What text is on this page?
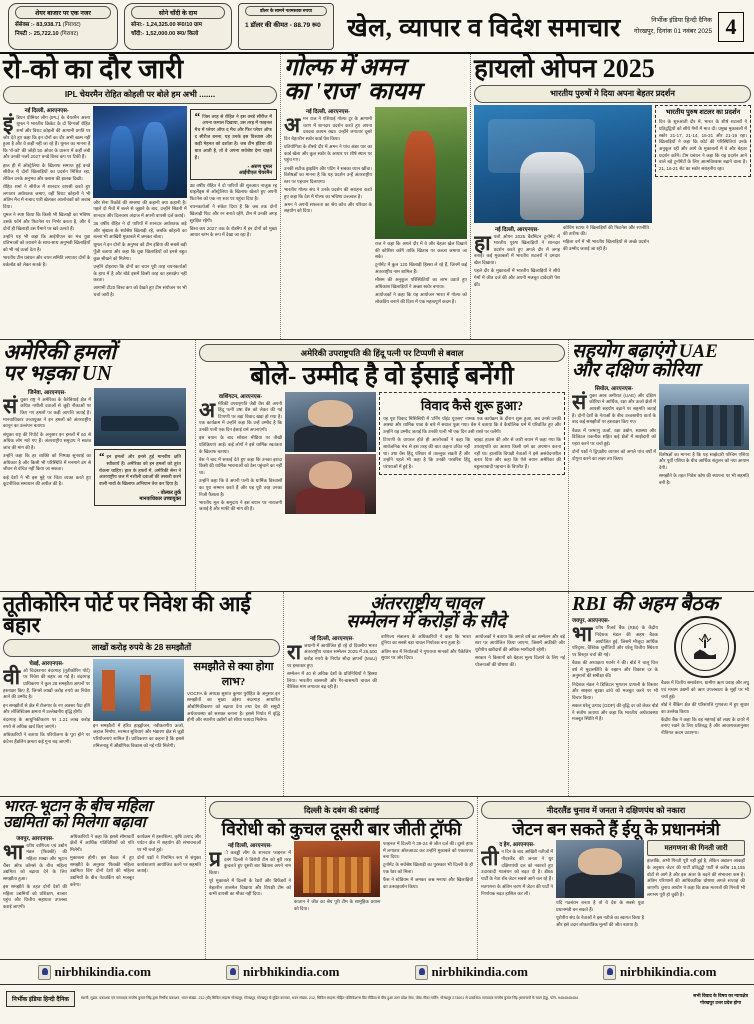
शेयर बाजार पर एक नजर
सेंसेक्स :- 83,938.71 (गिरावट)
निफ्टी :- 25,722.10 (गिरावट)
सोने चाँदी के दाम
सोना:- 1,24,325.00 रू0/10 ग्राम
चाँदी:- 1,52,000.00 रू0/ किलो
डॉलर के सामने नतमस्तक रुपया
1 डॉलर की कीमत - 88.79 रू0 खेल, व्यापार व विदेश समाचार	निर्भीक इंडिया हिन्दी दैनिक
गोरखपुर, दिनांक 01 नवंबर 2025 4
रो-को का दौर जारी
IPL चेयरमैन रोहित कोहली पर बोले हम अभी .......
नई दिल्ली, आरएनएस-
इं डियन प्रीमियर लीग (IPL) के चेयरमैन अरुण धूमल ने भारतीय क्रिकेट के दो दिग्गजों रोहित शर्मा और विराट कोहली की आगामी प्रगति पर जोर देते हुए कहा कि इन दोनों का दौर अभी खत्म नहीं हुआ है और वे कहीं नहीं जा रहे हैं। धूमल का मानना है कि 'रो-को' की जोड़ी 50 ओवर के प्रारूप में कहीं लंबी और उनकी नजरें 2027 वनडे विश्व कप पर टिकी हैं।

हाल ही में ऑस्ट्रेलिया के खिलाफ समाप्त हुई वनडे सीरीज में दोनों खिलाड़ियों का प्रदर्शन मिश्रित रहा, लेकिन उनके अनुभव और क्लास की झलक दिखी।

रोहित शर्मा ने सीरीज में शानदार वापसी करते हुए लगातार अर्धशतक जमाए, वहीं विराट कोहली ने भी अंतिम मैच में नाबाद पारी खेलकर आलोचकों को जवाब दिया।

धूमल ने स्पष्ट किया कि किसी भी खिलाड़ी का भविष्य उसके फॉर्म और फिटनेस पर निर्भर करता है, और ये दोनों ही खिलाड़ी उस पैमाने पर खरे उतरते हैं।

उन्होंने यह भी कहा कि आईपीएल का मंच युवा प्रतिभाओं को तराशने के साथ-साथ अनुभवी खिलाड़ियों को भी नई ऊर्जा देता है।

भारतीय टीम प्रबंधन और चयन समिति लगातार दोनों के वर्कलोड को लेकर सतर्क है।

और सेना रिकॉर्ड की समस्या की कहानी क्या कहानी है। पहले दो मैचों में बल्ले से जूझने के बाद, उन्होंने सिडनी में शानदार और दिलचस्प अंदाज में अपनी वापसी दर्ज कराई।

36 वर्षीय रोहित ने दो पारियों में शानदार अर्धशतक जड़े और श्रृंखला के सर्वश्रेष्ठ खिलाड़ी रहे, जबकि कोहली का बल्ला भी आखिरी मुकाबले में जमकर बोला।

धूमल ने इन दोनों के अनुभव को टीम इंडिया की सबसे बड़ी पूँजी बताया और कहा कि युवा खिलाड़ियों को इनसे बहुत कुछ सीखने को मिलेगा।

उन्होंने दोहराया कि दोनों का चयन पूरी तरह चयनकर्ताओं के हाथ में है और बोर्ड इसमें किसी तरह का हस्तक्षेप नहीं करता।

आगामी टी20 विश्व कप को देखते हुए टीम संयोजन पर भी चर्चा जारी है।

“ जिस तरह से रोहित ने इस वनडे सीरीज में अपना कमाल दिखाया, उस तरह में फाइनल मैच में प्लेयर ऑफ द मैच और फिर प्लेयर ऑफ द सीरीज बनना, यह उनके इस विश्वास और कड़ी मेहनत को दर्शाता है। जब टीम इंडिया की बात आती है, तो वे अपना सर्वश्रेष्ठ देना चाहते हैं।
- अरुण धूमल
आईपीएल चेयरमैन

38 वर्षीय रोहित ने दो पारियों की शुरुआत नाजुक रह थाइलैंड्स से ऑस्ट्रेलिया के खिलाफ खेलते हुए अपनी फिटनेस को एक नए स्तर पर पहुंचा दिया है।

चयनकर्ताओं ने संकेत दिया है कि जब तक दोनों खिलाड़ी फिट और रन बनाते रहेंगे, टीम में उनकी जगह सुरक्षित रहेगी।

विश्व कप 2027 तक के रोडमैप में इन दोनों को मुख्य आधार स्तंभ के रूप में देखा जा रहा है।

गोल्फ में अमन
का 'राज' कायम
नई दिल्ली, आरएनएस-
अ मन राज ने एशियाई गोल्फ टूर के आगामी चरण में शानदार प्रदर्शन करते हुए अपना दबदबा कायम रखा। उन्होंने लगातार दूसरे दिन बेहतरीन स्कोर कार्ड पेश किया।

प्रतियोगिता के तीसरे दौर में अमन ने पांच अंडर पार का कार्ड खेला और कुल स्कोर के आधार पर शीर्ष स्थान पर पहुंच गए।

उनकी सटीक ड्राइविंग और पटिंग ने सबका ध्यान खींचा। विशेषज्ञों का मानना है कि यह प्रदर्शन उन्हें अंतरराष्ट्रीय स्तर पर पहचान दिलाएगा।

भारतीय गोल्फ संघ ने उनके प्रदर्शन की सराहना करते हुए कहा कि देश में गोल्फ का भविष्य उज्ज्वल है।

अमन ने अपनी सफलता का श्रेय कोच और परिवार के सहयोग को दिया।

राज ने कहा कि अगले दौर में वे और बेहतर खेल दिखाने की कोशिश करेंगे ताकि खिताब पर कब्जा जमाया जा सके।

टूर्नामेंट में कुल 120 खिलाड़ी हिस्सा ले रहे हैं, जिनमें कई अंतरराष्ट्रीय नाम शामिल हैं।

मौसम की अनुकूल परिस्थितियों का लाभ उठाते हुए अधिकांश खिलाड़ियों ने अच्छा स्कोर बनाया।

आयोजकों ने कहा कि यह आयोजन भारत में गोल्फ को लोकप्रिय बनाने की दिशा में एक महत्वपूर्ण कदम है।

हायलो ओपन 2025
भारतीय पुरुषों मे दिया अपना बेहतर प्रदर्शन
नई दिल्ली, आरएनएस-
हा यलो ओपन 2025 बैडमिंटन टूर्नामेंट में भारतीय पुरुष खिलाड़ियों ने शानदार प्रदर्शन करते हुए अगले दौर में जगह बनाई। कई मुकाबलों में भारतीय शटलरों ने दमदार खेल दिखाया।

पहले दौर के मुकाबलों में भारतीय खिलाड़ियों ने सीधे गेमों में जीत दर्ज की और अपनी मजबूत दावेदारी पेश की।

कोचिंग स्टाफ ने खिलाड़ियों की फिटनेस और रणनीति की तारीफ की।

महिला वर्ग में भी भारतीय खिलाड़ियों से अच्छे प्रदर्शन की उम्मीद जताई जा रही है।

भारतीय पुरुष शटलर का प्रदर्शन
दिन के शुरुआती दौर में, भारत के शीर्ष शटलरों ने प्रतिद्वंद्वियों को सीधे गेमों में मात दी। प्रमुख मुकाबलों में स्कोर 21-17, 21-14, 15-21 और 21-19 रहा। खिलाड़ियों ने कहा कि कोर्ट की परिस्थितियां उनके अनुकूल रहीं और आगे के मुकाबलों में वे और बेहतर प्रदर्शन करेंगे। टीम प्रबंधन ने कहा कि यह प्रदर्शन आने वाले बड़े टूर्नामेंटों के लिए आत्मविश्वास बढ़ाने वाला है। 21, 16-21 सेट का स्कोर सराहनीय रहा।
अमेरिकी हमलों
पर भड़का UN
जिनेवा, आरएनएस-
सं युक्त राष्ट्र ने अमेरिका के कैरेबियाई क्षेत्र में कथित नशीली दवाओं से जुड़ी नौकाओं पर किए गए हमलों पर कड़ी आपत्ति जताई है। मानवाधिकार उच्चायुक्त ने इन हमलों को अंतरराष्ट्रीय कानून का उल्लंघन बताया।

संयुक्त राष्ट्र की रिपोर्ट के अनुसार इन हमलों में 60 से अधिक लोग मारे गए हैं। अंतरराष्ट्रीय समुदाय ने स्वतंत्र जांच की मांग की है।

उन्होंने कहा कि हर व्यक्ति को निष्पक्ष सुनवाई का अधिकार है और किसी भी परिस्थिति में मनमाने ढंग से जीवन से वंचित नहीं किया जा सकता।

कई देशों ने भी इस मुद्दे पर चिंता व्यक्त करते हुए कूटनीतिक समाधान की अपील की है।

“ इन हमलों और इनसे हुई मानवीय क्षति स्वीकार्य हैं। अमेरिका को इन हमलों को तुरंत रोकना चाहिए। हाल के हफ्तों में, अमेरिकी सेना ने अंतरराष्ट्रीय जल में नशीली दवाओं की तस्करी करने वाली नावों के खिलाफ अभियान तेज कर दिया है।
- वोल्कर तुर्क
मानवाधिकार उच्चायुक्त
अमेरिकी उपराष्ट्रपति की हिंदू पत्नी पर टिप्पणी से बवाल
बोले- उम्मीद है वो ईसाई बनेंगी
वाशिंगटन, आरएनएस-
अ मेरिकी उपराष्ट्रपति जेडी वेंस की अपनी हिंदू पत्नी उषा वेंस को लेकर की गई टिप्पणी पर बड़ा विवाद खड़ा हो गया है। एक कार्यक्रम में उन्होंने कहा कि उन्हें उम्मीद है कि उनकी पत्नी एक दिन ईसाई धर्म अपनाएंगी।

इस बयान के बाद सोशल मीडिया पर तीखी प्रतिक्रियाएं आईं। कई लोगों ने इसे धार्मिक स्वतंत्रता के खिलाफ बताया।

वेंस ने बाद में सफाई देते हुए कहा कि उनका इरादा किसी की धार्मिक भावनाओं को ठेस पहुंचाने का नहीं था।

उन्होंने कहा कि वे अपनी पत्नी के धार्मिक विश्वासों का पूरा सम्मान करते हैं और यह पूरी तरह उनका निजी फैसला है।

भारतीय मूल के समुदाय ने इस बयान पर नाराजगी जताई है और माफी की मांग की है।

विवाद कैसे शुरू हुआ?
यह पूरा विवाद मिसिसिपी में 'टर्निंग पॉइंट यूएसए' नामक एक कार्यक्रम के दौरान शुरू हुआ, जब उनसे उनकी आस्था और धार्मिक यात्रा के बारे में सवाल पूछा गया। वेंस ने बताया कि वे कैथोलिक धर्म में परिवर्तित हुए और उन्होंने यह उम्मीद जताई कि उनकी पत्नी भी एक दिन उसी रास्ते पर चलेंगी।
टिप्पणी के वायरल होते ही आलोचकों ने कहा कि सार्वजनिक मंच से इस तरह की बात कहना उचित नहीं था। उषा वेंस हिंदू परिवार से ताल्लुक रखती हैं और उन्होंने पहले भी कहा है कि उनकी परवरिश हिंदू परंपराओं में हुई है।
व्हाइट हाउस की ओर से जारी बयान में कहा गया कि उपराष्ट्रपति का आशय किसी धर्म का अपमान करना नहीं था। हालांकि विपक्षी नेताओं ने इसे असंवेदनशील करार दिया और कहा कि ऐसे बयान अमेरिका की बहुलतावादी पहचान के विपरीत हैं।
सहयोग बढ़ाएंगे UAE
और दक्षिण कोरिया
सियोल, आरएनएस-
सं युक्त अरब अमीरात (UAE) और दक्षिण कोरिया ने आर्थिक, रक्षा और ऊर्जा क्षेत्रों में आपसी सहयोग बढ़ाने पर सहमति जताई है। दोनों देशों के नेताओं के बीच उच्चस्तरीय वार्ता के बाद कई समझौतों पर हस्ताक्षर किए गए।

बैठक में परमाणु ऊर्जा, रक्षा उद्योग, स्वास्थ्य और डिजिटल तकनीक सहित कई क्षेत्रों में साझेदारी को गहरा करने पर चर्चा हुई।

दोनों पक्षों ने द्विपक्षीय व्यापार को अगले पांच वर्षों में दोगुना करने का लक्ष्य तय किया।

विशेषज्ञों का मानना है कि यह साझेदारी पश्चिम एशिया और पूर्वी एशिया के बीच आर्थिक संतुलन को नया आयाम देगी।

समझौते के तहत निवेश कोष की स्थापना पर भी सहमति बनी है।

तूतीकोरिन पोर्ट पर निवेश की आई बहार
लाखों करोड़ रुपये के 28 समझौतों
चेन्नई, आरएनएस-
वी ओ चिदंबरनार बंदरगाह (तूतीकोरिन पोर्ट) पर निवेश की बहार आ गई है। बंदरगाह प्राधिकरण ने कुल 28 समझौता ज्ञापनों पर हस्ताक्षर किए हैं, जिनसे लाखों करोड़ रुपये का निवेश आने की उम्मीद है।

इन समझौतों से क्षेत्र में रोजगार के नए अवसर पैदा होंगे और लॉजिस्टिक्स क्षमता में उल्लेखनीय वृद्धि होगी।

बंदरगाह के आधुनिकीकरण पर 1.21 लाख करोड़ रुपये से अधिक खर्च किए जाएंगे।

अधिकारियों ने बताया कि परियोजना के पूरा होने पर कंटेनर हैंडलिंग क्षमता कई गुना बढ़ जाएगी।

इन समझौतों में हरित हाइड्रोजन, नवीकरणीय ऊर्जा, जहाज निर्माण, मरम्मत सुविधाएं और भंडारण क्षेत्र से जुड़ी परियोजनाएं शामिल हैं। प्राधिकरण का कहना है कि इससे तमिलनाडु में औद्योगिक विकास को नई गति मिलेगी।

समझौते से क्या होगा लाभ?
VOCPA के अध्यक्ष सुशांत कुमार पुरोहित के अनुसार इन समझौतों का मुख्य उद्देश्य बंदरगाह आधारित औद्योगिकीकरण को बढ़ावा देना तथा देश की समुद्री अर्थव्यवस्था को सशक्त बनाना है। इससे निर्यात में वृद्धि होगी और स्थानीय उद्योगों को सीधा फायदा मिलेगा।
अंतरराष्ट्रीय चावल
सम्मेलन में करोड़ों के सौदे
नई दिल्ली, आरएनएस-
रा जधानी में आयोजित हो रहे दो दिवसीय भारत अंतरराष्ट्रीय चावल सम्मेलन 2025 में 26,500 करोड़ रुपये के निर्यात सौदा ज्ञापनों (MoU) पर हस्ताक्षर हुए।

सम्मेलन में 40 से अधिक देशों के प्रतिनिधियों ने हिस्सा लिया। भारतीय बासमती और गैर-बासमती चावल की वैश्विक मांग लगातार बढ़ रही है।

वाणिज्य मंत्रालय के अधिकारियों ने कहा कि भारत दुनिया का सबसे बड़ा चावल निर्यातक बना हुआ है।

अंतिम सत्र में निर्यातकों ने गुणवत्ता मानकों और पैकेजिंग सुधार पर जोर दिया।

आयोजकों ने बताया कि अगले वर्ष का सम्मेलन और बड़े स्तर पर आयोजित किया जाएगा, जिसमें अफ्रीकी और यूरोपीय खरीदारों की अधिक भागीदारी रहेगी।

सरकार ने किसानों को बेहतर मूल्य दिलाने के लिए नई योजनाओं की घोषणा की।

RBI की अहम बैठक
जयपुर, आरएनएस-
भा रतीय रिजर्व बैंक (RBI) के केंद्रीय निदेशक मंडल की अहम बैठक आयोजित हुई, जिसमें मौजूदा आर्थिक परिदृश्य, वैश्विक चुनौतियों और घरेलू वित्तीय स्थिरता पर विस्तृत चर्चा की गई।

बैठक की अध्यक्षता गवर्नर ने की। बोर्ड ने चालू वित्त वर्ष में मुद्रास्फीति के रुझान और विकास दर के अनुमानों की समीक्षा की।

निदेशक मंडल ने डिजिटल भुगतान प्रणाली के विस्तार और साइबर सुरक्षा ढांचे को मजबूत करने पर भी विचार किया।

सकल घरेलू उत्पाद (GDP) की वृद्धि दर को लेकर बोर्ड ने संतोष जताया और कहा कि भारतीय अर्थव्यवस्था मजबूत स्थिति में है।

बैठक में वित्तीय समावेशन, ग्रामीण ऋण प्रवाह और लघु एवं मध्यम उद्यमों को ऋण उपलब्धता के मुद्दों पर भी चर्चा हुई।

बोर्ड ने बैंकिंग क्षेत्र की परिसंपत्ति गुणवत्ता में हुए सुधार का उल्लेख किया।

केंद्रीय बैंक ने कहा कि वह महंगाई को लक्ष्य के दायरे में बनाए रखने के लिए प्रतिबद्ध है और आवश्यकतानुसार नीतिगत कदम उठाएगा।

भारत-भूटान के बीच महिला
उद्यमिता को मिलेगा बढ़ावा
जयपुर, आरएनएस-
भा रतीय वाणिज्य एवं उद्योग मंडल (फिक्की) की महिला शाखा और भूटान चैंबर ऑफ कॉमर्स के बीच महिला उद्यमिता को बढ़ावा देने के लिए समझौता हुआ।

इस समझौते के तहत दोनों देशों की महिला उद्यमियों को प्रशिक्षण, बाजार पहुंच और वित्तीय सहायता उपलब्ध कराई जाएगी।

अधिकारियों ने कहा कि इससे सीमावर्ती क्षेत्रों में आर्थिक गतिविधियों को गति मिलेगी।

मुकाबला होगी। इस बैठक में हुए समझौते के अनुसार 'फिक्की महिला उद्यमिता विंग' दोनों देशों की महिला उद्यमियों के बीच नेटवर्किंग को मजबूत करेगा।

कार्यक्रम में हस्तशिल्प, कृषि उत्पाद और पर्यटन क्षेत्र में सहयोग की संभावनाओं पर भी चर्चा हुई।

दोनों पक्षों ने नियमित रूप से संयुक्त कार्यशालाएं आयोजित करने पर सहमति जताई।

दिल्ली के दबंग की दबंगाई
विरोधी को कुचल दूसरी बार जीती ट्रॉफी
नई दिल्ली, आरएनएस-
प्र ो कबड्डी लीग के शानदार फाइनल में दबंग दिल्ली ने विरोधी टीम को बुरी तरह कुचलते हुए दूसरी बार खिताब अपने नाम किया।

पूरे मुकाबले में दिल्ली के रेडरों और डिफेंडरों ने बेहतरीन तालमेल दिखाया और विपक्षी टीम को कभी वापसी का मौका नहीं दिया।

कप्तान ने जीत का श्रेय पूरी टीम के सामूहिक प्रयास को दिया।

फाइनल में दिल्ली ने 39-24 से जीत दर्ज की। दूसरे हाफ में लगातार ऑलआउट कर उन्होंने मुकाबले को एकतरफा बना दिया।

टूर्नामेंट के सर्वश्रेष्ठ खिलाड़ी का पुरस्कार भी दिल्ली के ही एक रेडर को मिला।

फैंस ने स्टेडियम में जमकर जश्न मनाया और खिलाड़ियों का उत्साहवर्धन किया।

नीदरलैंड चुनाव में जनता ने दक्षिणपंथ को नकारा
जेटन बन सकते हैं ईयू के प्रधानमंत्री
द हेग, आरएनएस-
ती न दिन के बाद आखिरी नतीजों में नीदरलैंड की जनता ने धुर दक्षिणपंथी दल को नकारते हुए उदारवादी गठबंधन को बढ़त दी है। डी66 पार्टी के नेता रॉब जेटन सबसे आगे चल रहे हैं।

मतगणना के अंतिम चरण में जेटन की पार्टी ने निर्णायक बढ़त हासिल कर ली।

यदि गठबंधन बनता है तो वे देश के सबसे युवा प्रधानमंत्री बन सकते हैं।

यूरोपीय संघ के नेताओं ने इस नतीजे का स्वागत किया है और इसे उदार लोकतांत्रिक मूल्यों की जीत बताया है।

मतगणना की गिनती जारी
हालांकि, अभी गिनती पूरी नहीं हुई है, लेकिन अद्यतन आंकड़ों के अनुसार जेटन की पार्टी प्रतिद्वंद्वी पार्टी से करीब 15,155 वोटों से आगे है और इस अंतर के बढ़ने की संभावना कम है। अंतिम परिणामों की आधिकारिक घोषणा अगले सप्ताह की जाएगी। चुनाव आयोग ने कहा कि डाक मतपत्रों की गिनती भी लगभग पूरी हो चुकी है।
nirbhikindia.com	nirbhikindia.com	nirbhikindia.com	nirbhikindia.com
निर्भीक इंडिया हिन्दी दैनिक	स्वामी, मुद्रक, प्रकाशक एवं सम्पादक सन्तोष कुमार सिंह द्वारा निर्भीक प्रकाशन, भवन संख्या- 212 (बी) सिविल लाइन्स गोरखपुर, गोरखपुर, गोरखपुर से मुद्रित कराकर, भवन संख्या- 212, सिविल लाइन्स मोहित पब्लिकेशन्स प्रिंट मीडिया से बीच हुआ उत्तर प्रदेश सेवा, पोस्ट-नौका मार्टिन, गोरखपुर 273001 से प्रकाशित। सम्पादक सन्तोष कुमार सिंह (समाचारों के चयन हेतु), फोन- 9454545454
सभी विवाद के विषय का न्यायक्षेत्र
गोरखपुर उत्तर प्रदेश होगा
